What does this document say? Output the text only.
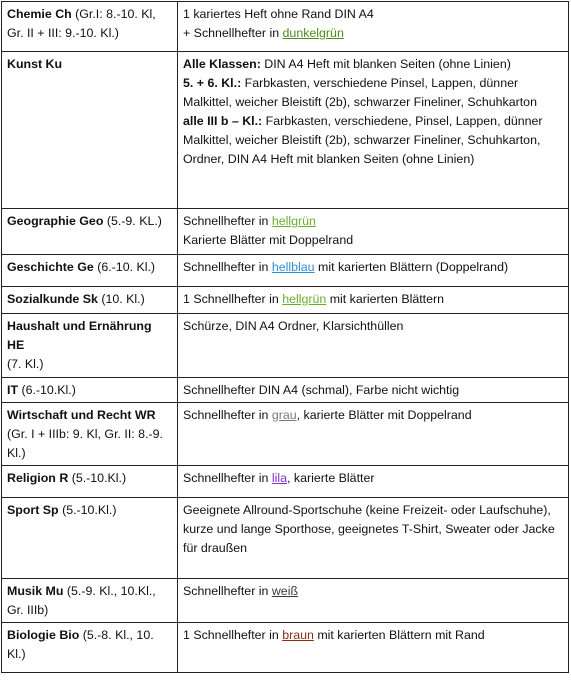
Chemie Ch (Gr.I: 8.-10. Kl, Gr. II + III: 9.-10. Kl.)	1 kariertes Heft ohne Rand DIN A4
+ Schnellhefter in dunkelgrün

Kunst Ku	Alle Klassen: DIN A4 Heft mit blanken Seiten (ohne Linien)
5. + 6. Kl.: Farbkasten, verschiedene Pinsel, Lappen, dünner Malkittel, weicher Bleistift (2b), schwarzer Fineliner, Schuhkarton
alle III b – Kl.: Farbkasten, verschiedene, Pinsel, Lappen, dünner Malkittel, weicher Bleistift (2b), schwarzer Fineliner, Schuhkarton, Ordner, DIN A4 Heft mit blanken Seiten (ohne Linien)

Geographie Geo (5.-9. KL.)	Schnellhefter in hellgrün
Karierte Blätter mit Doppelrand

Geschichte Ge (6.-10. Kl.)	Schnellhefter in hellblau mit karierten Blättern (Doppelrand)
Sozialkunde Sk (10. Kl.)	1 Schnellhefter in hellgrün mit karierten Blättern

Haushalt und Ernährung HE
(7. Kl.)	Schürze, DIN A4 Ordner, Klarsichthüllen
IT (6.-10.Kl.)	Schnellhefter DIN A4 (schmal), Farbe nicht wichtig

Wirtschaft und Recht WR
(Gr. I + IIIb: 9. Kl, Gr. II: 8.-9. Kl.)	Schnellhefter in grau, karierte Blätter mit Doppelrand
Religion R (5.-10.Kl.)	Schnellhefter in lila, karierte Blätter
Sport Sp (5.-10.Kl.)	Geeignete Allround-Sportschuhe (keine Freizeit- oder Laufschuhe), kurze und lange Sporthose, geeignetes T-Shirt, Sweater oder Jacke für draußen
Musik Mu (5.-9. Kl., 10.Kl., Gr. IIIb)	Schnellhefter in weiß
Biologie Bio (5.-8. Kl., 10. Kl.)	1 Schnellhefter in braun mit karierten Blättern mit Rand
